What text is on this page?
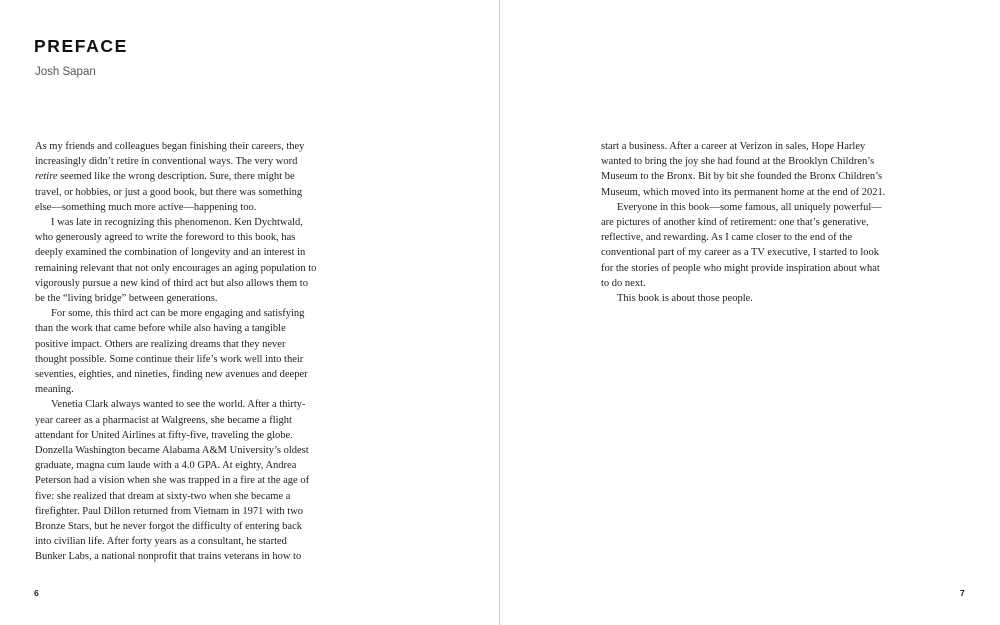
PREFACE
Josh Sapan

As my friends and colleagues began finishing their careers, they increasingly didn’t retire in conventional ways. The very word retire seemed like the wrong description. Sure, there might be travel, or hobbies, or just a good book, but there was something else—something much more active—happening too.

I was late in recognizing this phenomenon. Ken Dychtwald, who generously agreed to write the foreword to this book, has deeply examined the combination of longevity and an interest in remaining relevant that not only encourages an aging population to vigorously pursue a new kind of third act but also allows them to be the “living bridge” between generations.

For some, this third act can be more engaging and satisfying than the work that came before while also having a tangible positive impact. Others are realizing dreams that they never thought possible. Some continue their life’s work well into their seventies, eighties, and nineties, finding new avenues and deeper meaning.

Venetia Clark always wanted to see the world. After a thirty-year career as a pharmacist at Walgreens, she became a flight attendant for United Airlines at fifty-five, traveling the globe. Donzella Washington became Alabama A&M University’s oldest graduate, magna cum laude with a 4.0 GPA. At eighty, Andrea Peterson had a vision when she was trapped in a fire at the age of five: she realized that dream at sixty-two when she became a firefighter. Paul Dillon returned from Vietnam in 1971 with two Bronze Stars, but he never forgot the difficulty of entering back into civilian life. After forty years as a consultant, he started Bunker Labs, a national nonprofit that trains veterans in how to

6

start a business. After a career at Verizon in sales, Hope Harley wanted to bring the joy she had found at the Brooklyn Children’s Museum to the Bronx. Bit by bit she founded the Bronx Children’s Museum, which moved into its permanent home at the end of 2021.

Everyone in this book—some famous, all uniquely powerful—are pictures of another kind of retirement: one that’s generative, reflective, and rewarding. As I came closer to the end of the conventional part of my career as a TV executive, I started to look for the stories of people who might provide inspiration about what to do next.

This book is about those people.

7
